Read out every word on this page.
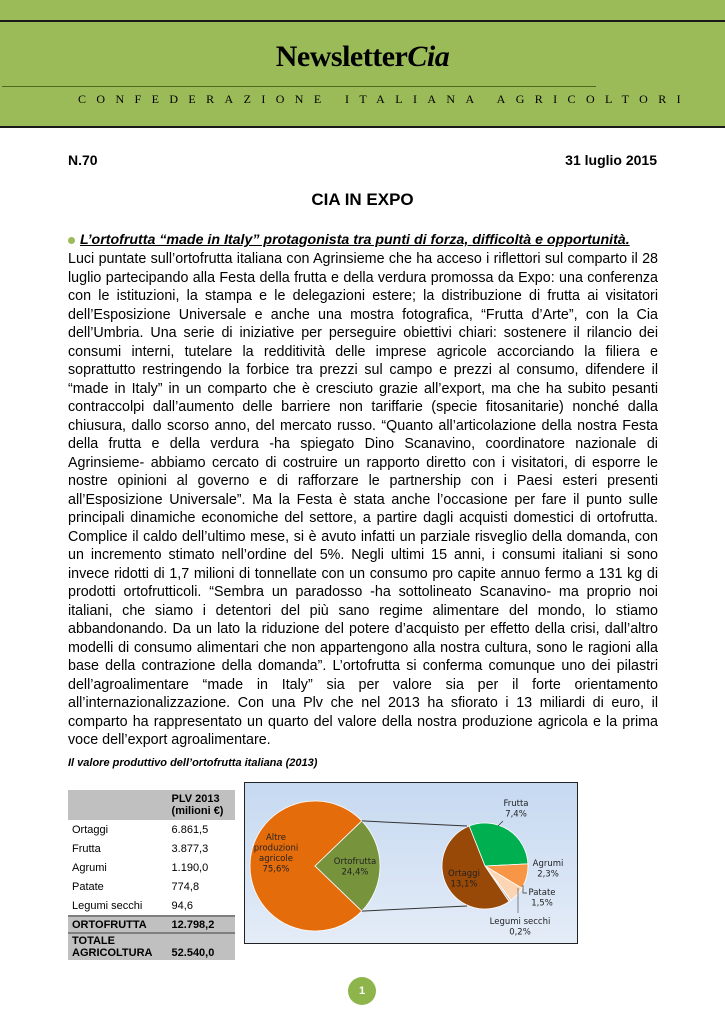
NewsletterCia
CONFEDERAZIONE ITALIANA AGRICOLTORI
N.70	31 luglio 2015
CIA IN EXPO
L’ortofrutta “made in Italy” protagonista tra punti di forza, difficoltà e opportunità.
Luci puntate sull’ortofrutta italiana con Agrinsieme che ha acceso i riflettori sul comparto il 28 luglio partecipando alla Festa della frutta e della verdura promossa da Expo: una conferenza con le istituzioni, la stampa e le delegazioni estere; la distribuzione di frutta ai visitatori dell’Esposizione Universale e anche una mostra fotografica, “Frutta d’Arte”, con la Cia dell’Umbria. Una serie di iniziative per perseguire obiettivi chiari: sostenere il rilancio dei consumi interni, tutelare la redditività delle imprese agricole accorciando la filiera e soprattutto restringendo la forbice tra prezzi sul campo e prezzi al consumo, difendere il “made in Italy” in un comparto che è cresciuto grazie all’export, ma che ha subito pesanti contraccolpi dall’aumento delle barriere non tariffarie (specie fitosanitarie) nonché dalla chiusura, dallo scorso anno, del mercato russo. “Quanto all’articolazione della nostra Festa della frutta e della verdura -ha spiegato Dino Scanavino, coordinatore nazionale di Agrinsieme- abbiamo cercato di costruire un rapporto diretto con i visitatori, di esporre le nostre opinioni al governo e di rafforzare le partnership con i Paesi esteri presenti all’Esposizione Universale”. Ma la Festa è stata anche l’occasione per fare il punto sulle principali dinamiche economiche del settore, a partire dagli acquisti domestici di ortofrutta. Complice il caldo dell’ultimo mese, si è avuto infatti un parziale risveglio della domanda, con un incremento stimato nell’ordine del 5%. Negli ultimi 15 anni, i consumi italiani si sono invece ridotti di 1,7 milioni di tonnellate con un consumo pro capite annuo fermo a 131 kg di prodotti ortofrutticoli. “Sembra un paradosso -ha sottolineato Scanavino- ma proprio noi italiani, che siamo i detentori del più sano regime alimentare del mondo, lo stiamo abbandonando. Da un lato la riduzione del potere d’acquisto per effetto della crisi, dall’altro modelli di consumo alimentari che non appartengono alla nostra cultura, sono le ragioni alla base della contrazione della domanda”. L’ortofrutta si conferma comunque uno dei pilastri dell’agroalimentare “made in Italy” sia per valore sia per il forte orientamento all’internazionalizzazione. Con una Plv che nel 2013 ha sfiorato i 13 miliardi di euro, il comparto ha rappresentato un quarto del valore della nostra produzione agricola e la prima voce dell’export agroalimentare.
Il valore produttivo dell’ortofrutta italiana (2013)
	PLV 2013
(milioni €)
Ortaggi	6.861,5
Frutta	3.877,3
Agrumi	1.190,0
Patate	774,8
Legumi secchi	94,6
ORTOFRUTTA	12.798,2
TOTALE
AGRICOLTURA	52.540,0
Altre produzioni agricole 75,6%
Ortofrutta 24,4%
Frutta 7,4%
Agrumi 2,3%
Patate 1,5%
Legumi secchi 0,2%
Ortaggi 13,1%
1
